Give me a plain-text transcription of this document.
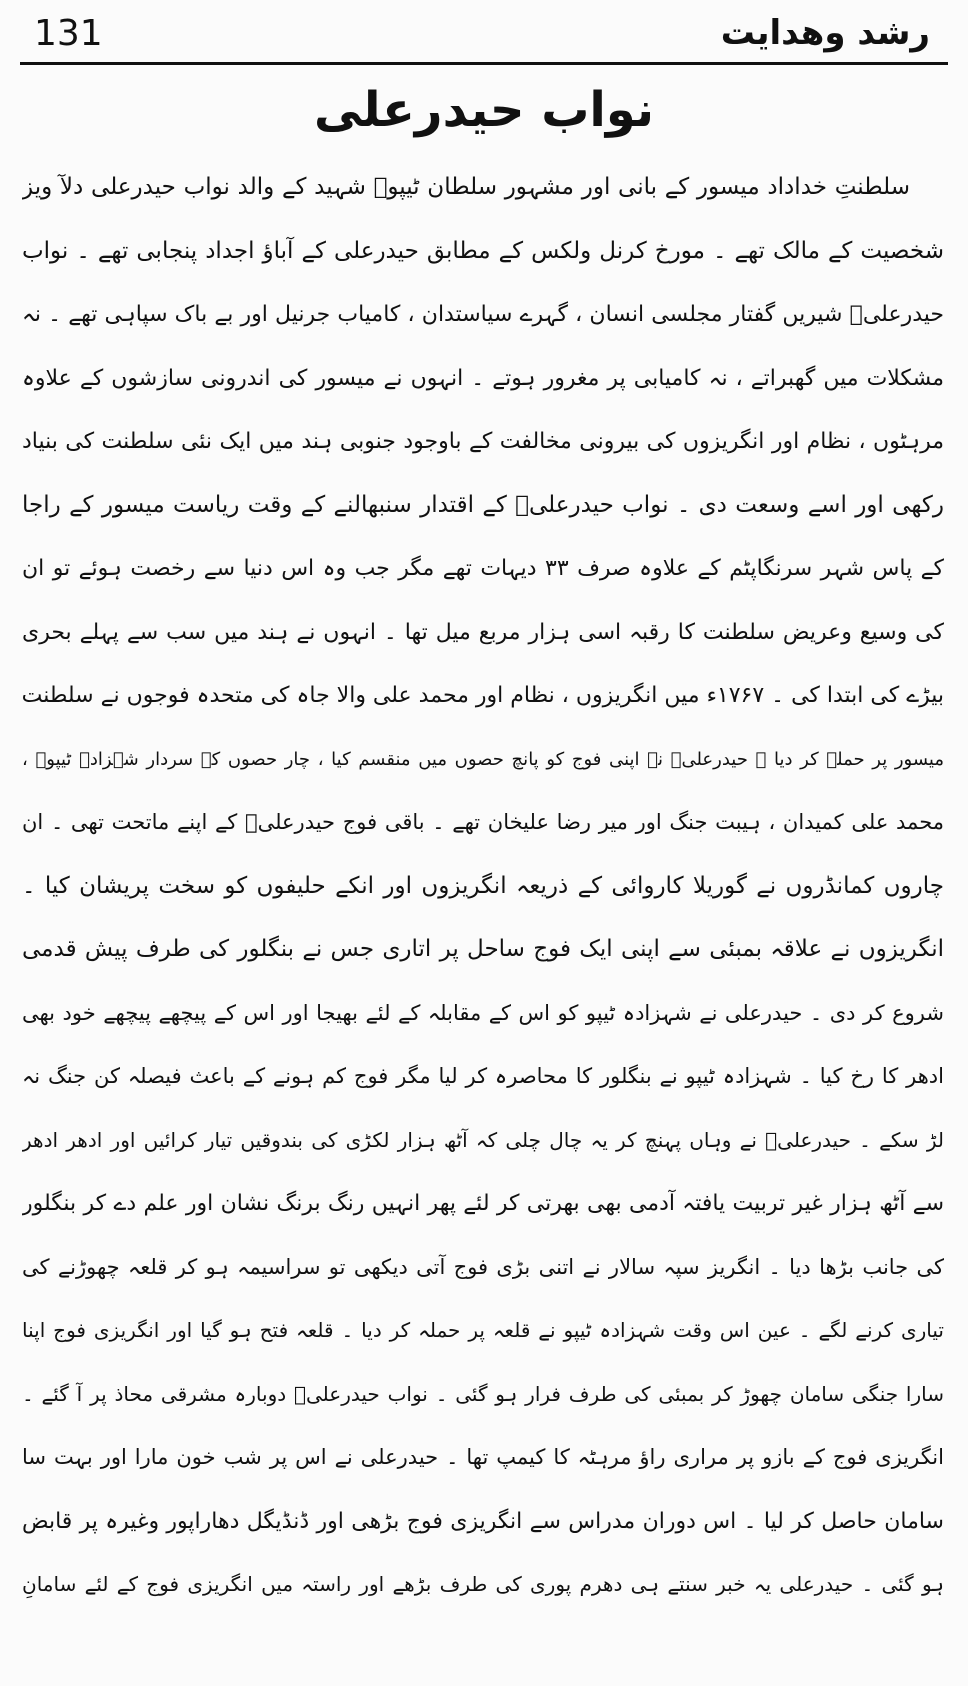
131	رشد وھدایت
نواب حیدرعلی
سلطنتِ خداداد میسور کے بانی اور مشہور سلطان ٹیپوؒ شہید کے والد نواب حیدرعلی دلآ ویز
شخصیت کے مالک تھے ۔ مورخ کرنل ولکس کے مطابق حیدرعلی کے آباؤ اجداد پنجابی تھے ۔ نواب
حیدرعلیؒ شیریں گفتار مجلسی انسان ، گہرے سیاستدان ، کامیاب جرنیل اور بے باک سپاہی تھے ۔ نہ
مشکلات میں گھبراتے ، نہ کامیابی پر مغرور ہوتے ۔ انہوں نے میسور کی اندرونی سازشوں کے علاوہ
مرہٹوں ، نظام اور انگریزوں کی بیرونی مخالفت کے باوجود جنوبی ہند میں ایک نئی سلطنت کی بنیاد
رکھی اور اسے وسعت دی ۔ نواب حیدرعلیؒ کے اقتدار سنبھالنے کے وقت ریاست میسور کے راجا
کے پاس شہر سرنگاپٹم کے علاوہ صرف ۳۳ دیہات تھے مگر جب وہ اس دنیا سے رخصت ہوئے تو ان
کی وسیع وعریض سلطنت کا رقبہ اسی ہزار مربع میل تھا ۔ انہوں نے ہند میں سب سے پہلے بحری
بیڑے کی ابتدا کی ۔ ۱۷۶۷ء میں انگریزوں ، نظام اور محمد علی والا جاہ کی متحدہ فوجوں نے سلطنت
میسور پر حملہ کر دیا ۔ حیدرعلیؒ نے اپنی فوج کو پانچ حصوں میں منقسم کیا ، چار حصوں کے سردار شہزادہ ٹیپوؒ ،
محمد علی کمیدان ، ہیبت جنگ اور میر رضا علیخان تھے ۔ باقی فوج حیدرعلیؒ کے اپنے ماتحت تھی ۔ ان
چاروں کمانڈروں نے گوریلا کاروائی کے ذریعہ انگریزوں اور انکے حلیفوں کو سخت پریشان کیا ۔
انگریزوں نے علاقہ بمبئی سے اپنی ایک فوج ساحل پر اتاری جس نے بنگلور کی طرف پیش قدمی
شروع کر دی ۔ حیدرعلی نے شہزادہ ٹیپو کو اس کے مقابلہ کے لئے بھیجا اور اس کے پیچھے پیچھے خود بھی
ادھر کا رخ کیا ۔ شہزادہ ٹیپو نے بنگلور کا محاصرہ کر لیا مگر فوج کم ہونے کے باعث فیصلہ کن جنگ نہ
لڑ سکے ۔ حیدرعلیؒ نے وہاں پہنچ کر یہ چال چلی کہ آٹھ ہزار لکڑی کی بندوقیں تیار کرائیں اور ادھر ادھر
سے آٹھ ہزار غیر تربیت یافتہ آدمی بھی بھرتی کر لئے پھر انہیں رنگ برنگ نشان اور علم دے کر بنگلور
کی جانب بڑھا دیا ۔ انگریز سپہ سالار نے اتنی بڑی فوج آتی دیکھی تو سراسیمہ ہو کر قلعہ چھوڑنے کی
تیاری کرنے لگے ۔ عین اس وقت شہزادہ ٹیپو نے قلعہ پر حملہ کر دیا ۔ قلعہ فتح ہو گیا اور انگریزی فوج اپنا
سارا جنگی سامان چھوڑ کر بمبئی کی طرف فرار ہو گئی ۔ نواب حیدرعلیؒ دوبارہ مشرقی محاذ پر آ گئے ۔
انگریزی فوج کے بازو پر مراری راؤ مرہٹہ کا کیمپ تھا ۔ حیدرعلی نے اس پر شب خون مارا اور بہت سا
سامان حاصل کر لیا ۔ اس دوران مدراس سے انگریزی فوج بڑھی اور ڈنڈیگل دھاراپور وغیرہ پر قابض
ہو گئی ۔ حیدرعلی یہ خبر سنتے ہی دھرم پوری کی طرف بڑھے اور راستہ میں انگریزی فوج کے لئے سامانِ
